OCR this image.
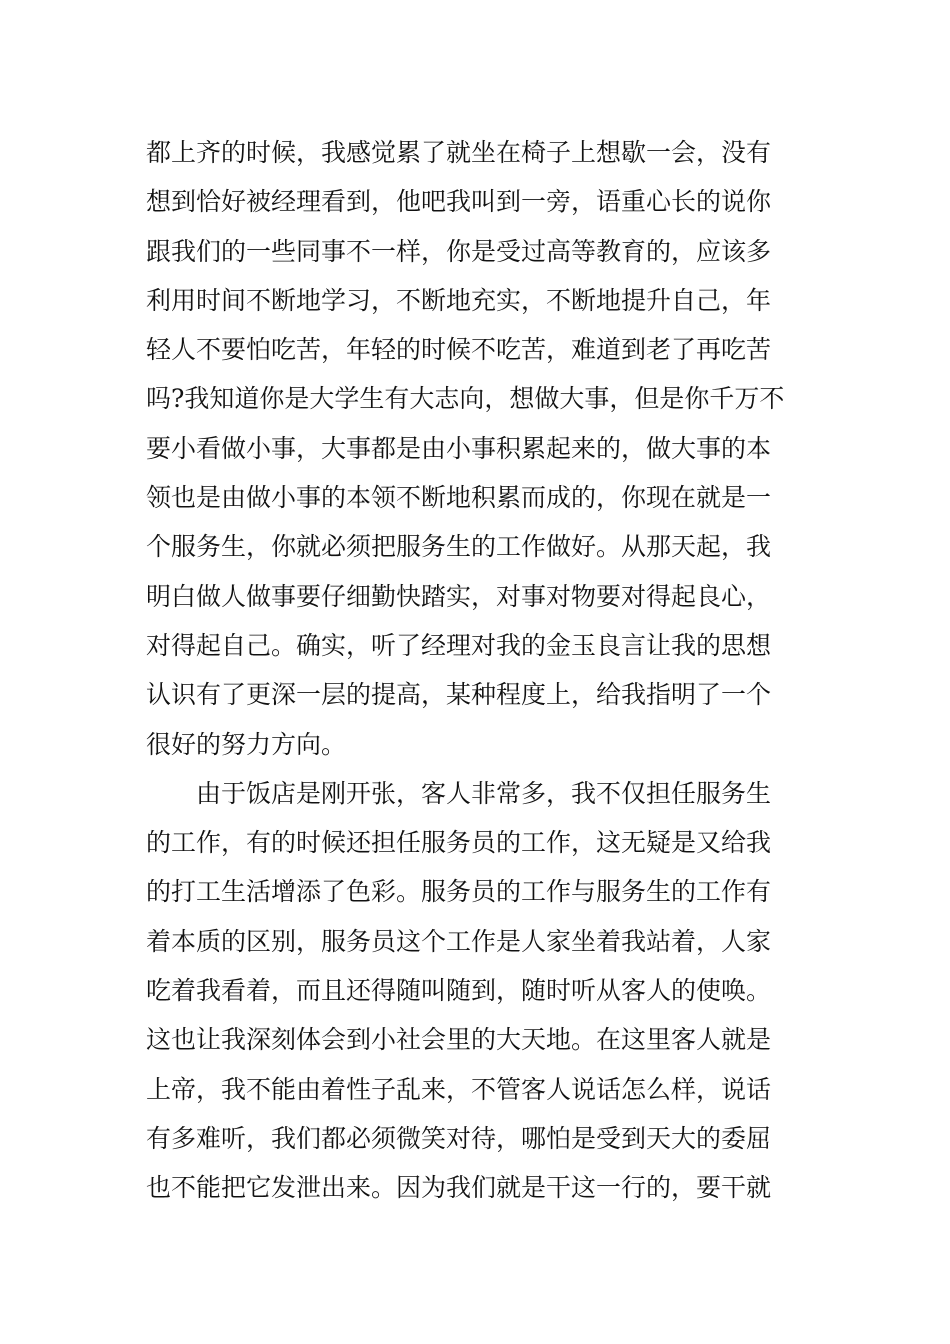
都上齐的时候，我感觉累了就坐在椅子上想歇一会，没有
想到恰好被经理看到，他吧我叫到一旁，语重心长的说你
跟我们的一些同事不一样，你是受过高等教育的，应该多
利用时间不断地学习，不断地充实，不断地提升自己，年
轻人不要怕吃苦，年轻的时候不吃苦，难道到老了再吃苦
吗?我知道你是大学生有大志向，想做大事，但是你千万不
要小看做小事，大事都是由小事积累起来的，做大事的本
领也是由做小事的本领不断地积累而成的，你现在就是一
个服务生，你就必须把服务生的工作做好。从那天起，我
明白做人做事要仔细勤快踏实，对事对物要对得起良心，
对得起自己。确实，听了经理对我的金玉良言让我的思想
认识有了更深一层的提高，某种程度上，给我指明了一个
很好的努力方向。
　　由于饭店是刚开张，客人非常多，我不仅担任服务生
的工作，有的时候还担任服务员的工作，这无疑是又给我
的打工生活增添了色彩。服务员的工作与服务生的工作有
着本质的区别，服务员这个工作是人家坐着我站着，人家
吃着我看着，而且还得随叫随到，随时听从客人的使唤。
这也让我深刻体会到小社会里的大天地。在这里客人就是
上帝，我不能由着性子乱来，不管客人说话怎么样，说话
有多难听，我们都必须微笑对待，哪怕是受到天大的委屈
也不能把它发泄出来。因为我们就是干这一行的，要干就
